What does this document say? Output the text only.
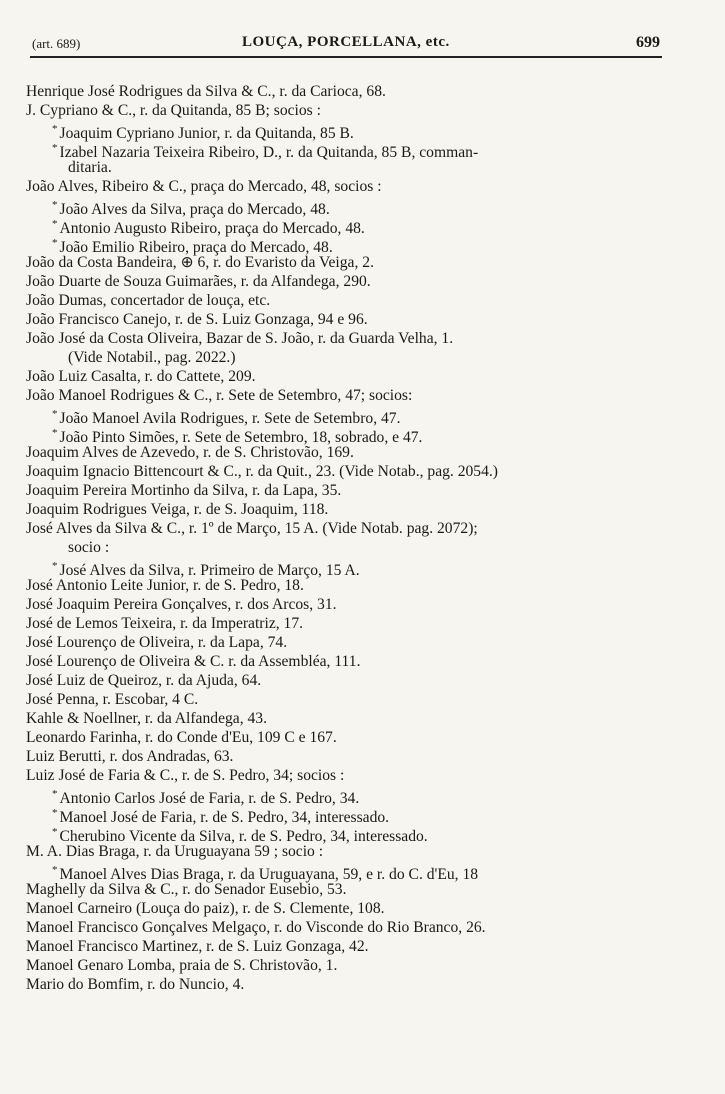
(art. 689)	LOUÇA, PORCELLANA, etc.	699
Henrique José Rodrigues da Silva & C., r. da Carioca, 68.
J. Cypriano & C., r. da Quitanda, 85 B; socios :
* Joaquim Cypriano Junior, r. da Quitanda, 85 B.
* Izabel Nazaria Teixeira Ribeiro, D., r. da Quitanda, 85 B, comman-
ditaria.
João Alves, Ribeiro & C., praça do Mercado, 48, socios :
* João Alves da Silva, praça do Mercado, 48.
* Antonio Augusto Ribeiro, praça do Mercado, 48.
* João Emilio Ribeiro, praça do Mercado, 48.
João da Costa Bandeira, ⊕ 6, r. do Evaristo da Veiga, 2.
João Duarte de Souza Guimarães, r. da Alfandega, 290.
João Dumas, concertador de louça, etc.
João Francisco Canejo, r. de S. Luiz Gonzaga, 94 e 96.
João José da Costa Oliveira, Bazar de S. João, r. da Guarda Velha, 1.
(Vide Notabil., pag. 2022.)
João Luiz Casalta, r. do Cattete, 209.
João Manoel Rodrigues & C., r. Sete de Setembro, 47; socios:
* João Manoel Avila Rodrigues, r. Sete de Setembro, 47.
* João Pinto Simões, r. Sete de Setembro, 18, sobrado, e 47.
Joaquim Alves de Azevedo, r. de S. Christovão, 169.
Joaquim Ignacio Bittencourt & C., r. da Quit., 23. (Vide Notab., pag. 2054.)
Joaquim Pereira Mortinho da Silva, r. da Lapa, 35.
Joaquim Rodrigues Veiga, r. de S. Joaquim, 118.
José Alves da Silva & C., r. 1º de Março, 15 A. (Vide Notab. pag. 2072);
socio :
* José Alves da Silva, r. Primeiro de Março, 15 A.
José Antonio Leite Junior, r. de S. Pedro, 18.
José Joaquim Pereira Gonçalves, r. dos Arcos, 31.
José de Lemos Teixeira, r. da Imperatriz, 17.
José Lourenço de Oliveira, r. da Lapa, 74.
José Lourenço de Oliveira & C. r. da Assembléa, 111.
José Luiz de Queiroz, r. da Ajuda, 64.
José Penna, r. Escobar, 4 C.
Kahle & Noellner, r. da Alfandega, 43.
Leonardo Farinha, r. do Conde d'Eu, 109 C e 167.
Luiz Berutti, r. dos Andradas, 63.
Luiz José de Faria & C., r. de S. Pedro, 34; socios :
* Antonio Carlos José de Faria, r. de S. Pedro, 34.
* Manoel José de Faria, r. de S. Pedro, 34, interessado.
* Cherubino Vicente da Silva, r. de S. Pedro, 34, interessado.
M. A. Dias Braga, r. da Uruguayana 59 ; socio :
* Manoel Alves Dias Braga, r. da Uruguayana, 59, e r. do C. d'Eu, 18
Maghelly da Silva & C., r. do Senador Eusebio, 53.
Manoel Carneiro (Louça do paiz), r. de S. Clemente, 108.
Manoel Francisco Gonçalves Melgaço, r. do Visconde do Rio Branco, 26.
Manoel Francisco Martinez, r. de S. Luiz Gonzaga, 42.
Manoel Genaro Lomba, praia de S. Christovão, 1.
Mario do Bomfim, r. do Nuncio, 4.
